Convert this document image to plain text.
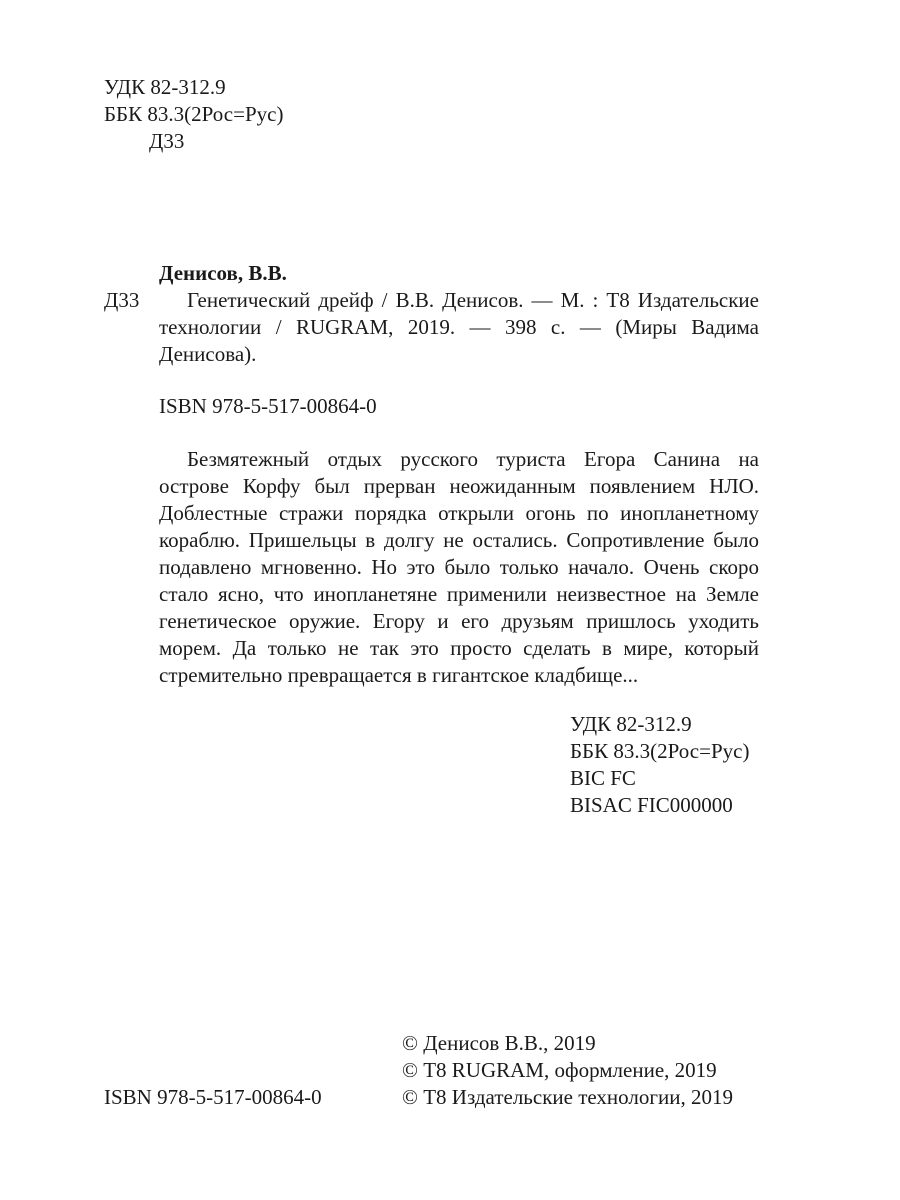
УДК 82-312.9
ББК 83.3(2Рос=Рус)
Д33
Денисов, В.В.
Д33	Генетический дрейф / В.В. Денисов. — М. : Т8 Издательские
технологии / RUGRAM, 2019. — 398 с. — (Миры Вадима
Денисова).
ISBN 978-5-517-00864-0
Безмятежный отдых русского туриста Егора Санина на
острове Корфу был прерван неожиданным появлением НЛО.
Доблестные стражи порядка открыли огонь по инопланетному
кораблю. Пришельцы в долгу не остались. Сопротивление было
подавлено мгновенно. Но это было только начало. Очень скоро
стало ясно, что инопланетяне применили неизвестное на Земле
генетическое оружие. Егору и его друзьям пришлось уходить
морем. Да только не так это просто сделать в мире, который
стремительно превращается в гигантское кладбище...
УДК 82-312.9
ББК 83.3(2Рос=Рус)
BIC FC
BISAC FIC000000
© Денисов В.В., 2019
© Т8 RUGRAM, оформление, 2019
© Т8 Издательские технологии, 2019
ISBN 978-5-517-00864-0
